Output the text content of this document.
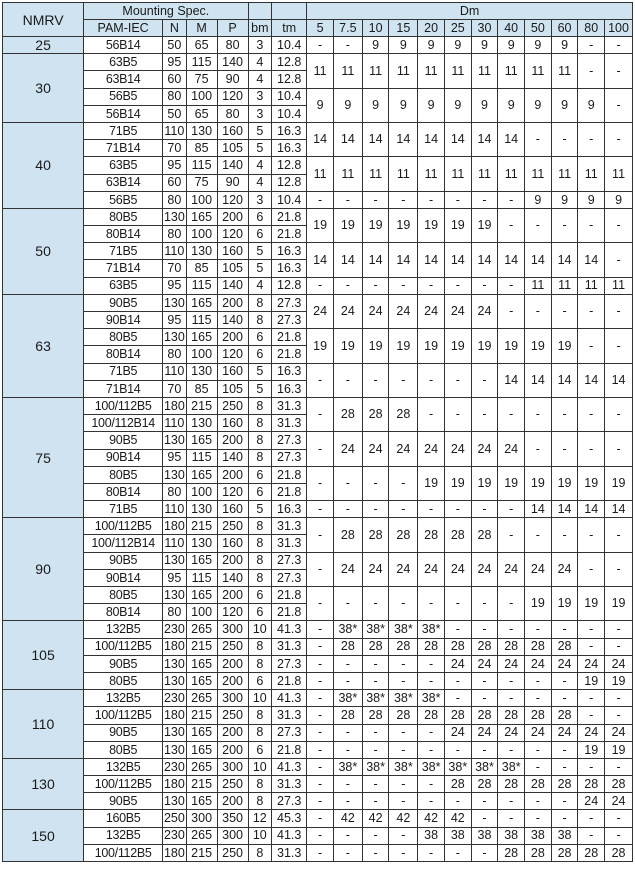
NMRV	Mounting Spec.						Dm											
	PAM-IEC	N	M	P	bm	tm	5	7.5	10	15	20	25	30	40	50	60	80	100
25	56B14	50	65	80	3	10.4	-	-	9	9	9	9	9	9	9	9	-	-
30	63B5	95	115	140	4	12.8	11	11	11	11	11	11	11	11	11	11	-	-
	63B14	60	75	90	4	12.8												
	56B5	80	100	120	3	10.4	9	9	9	9	9	9	9	9	9	9	9	-
	56B14	50	65	80	3	10.4												
40	71B5	110	130	160	5	16.3	14	14	14	14	14	14	14	14	-	-	-	-
	71B14	70	85	105	5	16.3												
	63B5	95	115	140	4	12.8	11	11	11	11	11	11	11	11	11	11	11	11
	63B14	60	75	90	4	12.8												
	56B5	80	100	120	3	10.4	-	-	-	-	-	-	-	-	9	9	9	9
50	80B5	130	165	200	6	21.8	19	19	19	19	19	19	19	-	-	-	-	-
	80B14	80	100	120	6	21.8												
	71B5	110	130	160	5	16.3	14	14	14	14	14	14	14	14	14	14	14	-
	71B14	70	85	105	5	16.3												
	63B5	95	115	140	4	12.8	-	-	-	-	-	-	-	-	11	11	11	11
63	90B5	130	165	200	8	27.3	24	24	24	24	24	24	24	-	-	-	-	-
	90B14	95	115	140	8	27.3												
	80B5	130	165	200	6	21.8	19	19	19	19	19	19	19	19	19	19	-	-
	80B14	80	100	120	6	21.8												
	71B5	110	130	160	5	16.3	-	-	-	-	-	-	-	14	14	14	14	14
	71B14	70	85	105	5	16.3												
75	100/112B5	180	215	250	8	31.3	-	28	28	28	-	-	-	-	-	-	-	-
	100/112B14	110	130	160	8	31.3												
	90B5	130	165	200	8	27.3	-	24	24	24	24	24	24	24	-	-	-	-
	90B14	95	115	140	8	27.3												
	80B5	130	165	200	6	21.8	-	-	-	-	19	19	19	19	19	19	19	19
	80B14	80	100	120	6	21.8												
	71B5	110	130	160	5	16.3	-	-	-	-	-	-	-	-	14	14	14	14
90	100/112B5	180	215	250	8	31.3	-	28	28	28	28	28	28	-	-	-	-	-
	100/112B14	110	130	160	8	31.3												
	90B5	130	165	200	8	27.3	-	24	24	24	24	24	24	24	24	24	-	-
	90B14	95	115	140	8	27.3												
	80B5	130	165	200	6	21.8	-	-	-	-	-	-	-	-	19	19	19	19
	80B14	80	100	120	6	21.8												
105	132B5	230	265	300	10	41.3	-	38*	38*	38*	38*	-	-	-	-	-	-	-
	100/112B5	180	215	250	8	31.3	-	28	28	28	28	28	28	28	28	28	-	-
	90B5	130	165	200	8	27.3	-	-	-	-	-	24	24	24	24	24	24	24
	80B5	130	165	200	6	21.8	-	-	-	-	-	-	-	-	-	-	19	19
110	132B5	230	265	300	10	41.3	-	38*	38*	38*	38*	-	-	-	-	-	-	-
	100/112B5	180	215	250	8	31.3	-	28	28	28	28	28	28	28	28	28	-	-
	90B5	130	165	200	8	27.3	-	-	-	-	-	24	24	24	24	24	24	24
	80B5	130	165	200	6	21.8	-	-	-	-	-	-	-	-	-	-	19	19
130	132B5	230	265	300	10	41.3	-	38*	38*	38*	38*	38*	38*	38*	-	-	-	-
	100/112B5	180	215	250	8	31.3	-	-	-	-	-	28	28	28	28	28	28	28
	90B5	130	165	200	8	27.3	-	-	-	-	-	-	-	-	-	-	24	24
150	160B5	250	300	350	12	45.3	-	42	42	42	42	42	-	-	-	-	-	-
	132B5	230	265	300	10	41.3	-	-	-	-	38	38	38	38	38	38	-	-
	100/112B5	180	215	250	8	31.3	-	-	-	-	-	-	-	28	28	28	28	28
